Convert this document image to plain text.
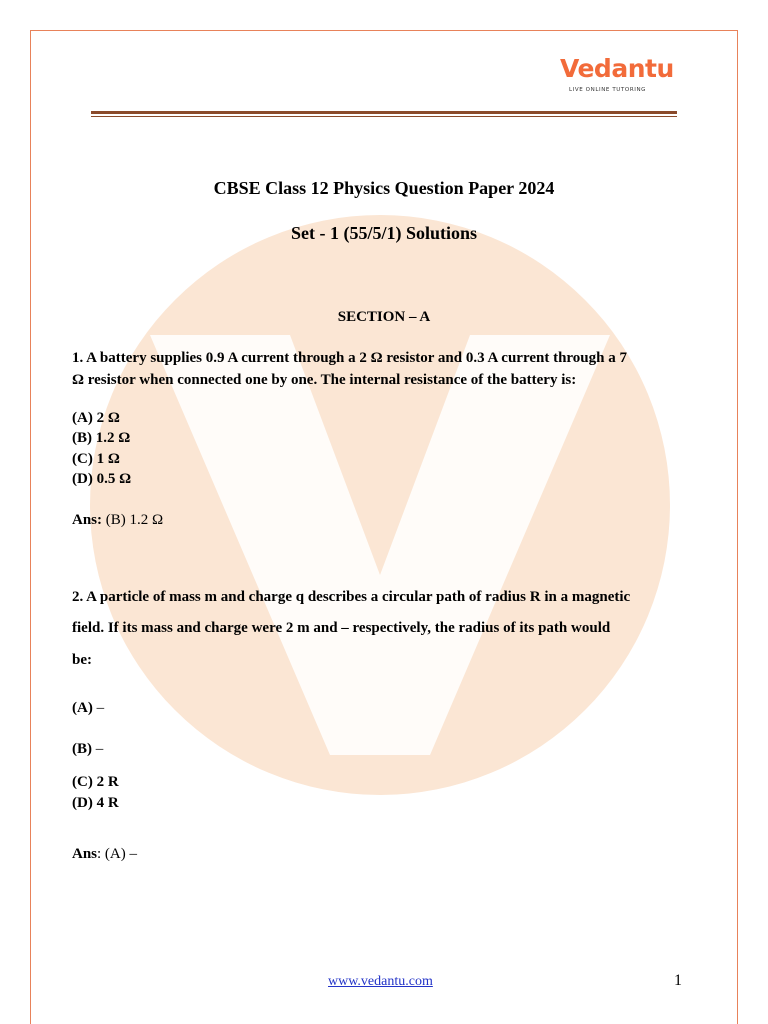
Vedantu
LIVE ONLINE TUTORING
CBSE Class 12 Physics Question Paper 2024
Set - 1 (55/5/1) Solutions
SECTION – A
1. A battery supplies 0.9 A current through a 2 Ω resistor and 0.3 A current through a 7
Ω resistor when connected one by one. The internal resistance of the battery is:
(A) 2 Ω
(B) 1.2 Ω
(C) 1 Ω
(D) 0.5 Ω
Ans: (B) 1.2 Ω
2. A particle of mass m and charge q describes a circular path of radius R in a magnetic
field. If its mass and charge were 2 m and – respectively, the radius of its path would
be:
(A) –
(B) –
(C) 2 R
(D) 4 R
Ans: (A) –
www.vedantu.com	1
